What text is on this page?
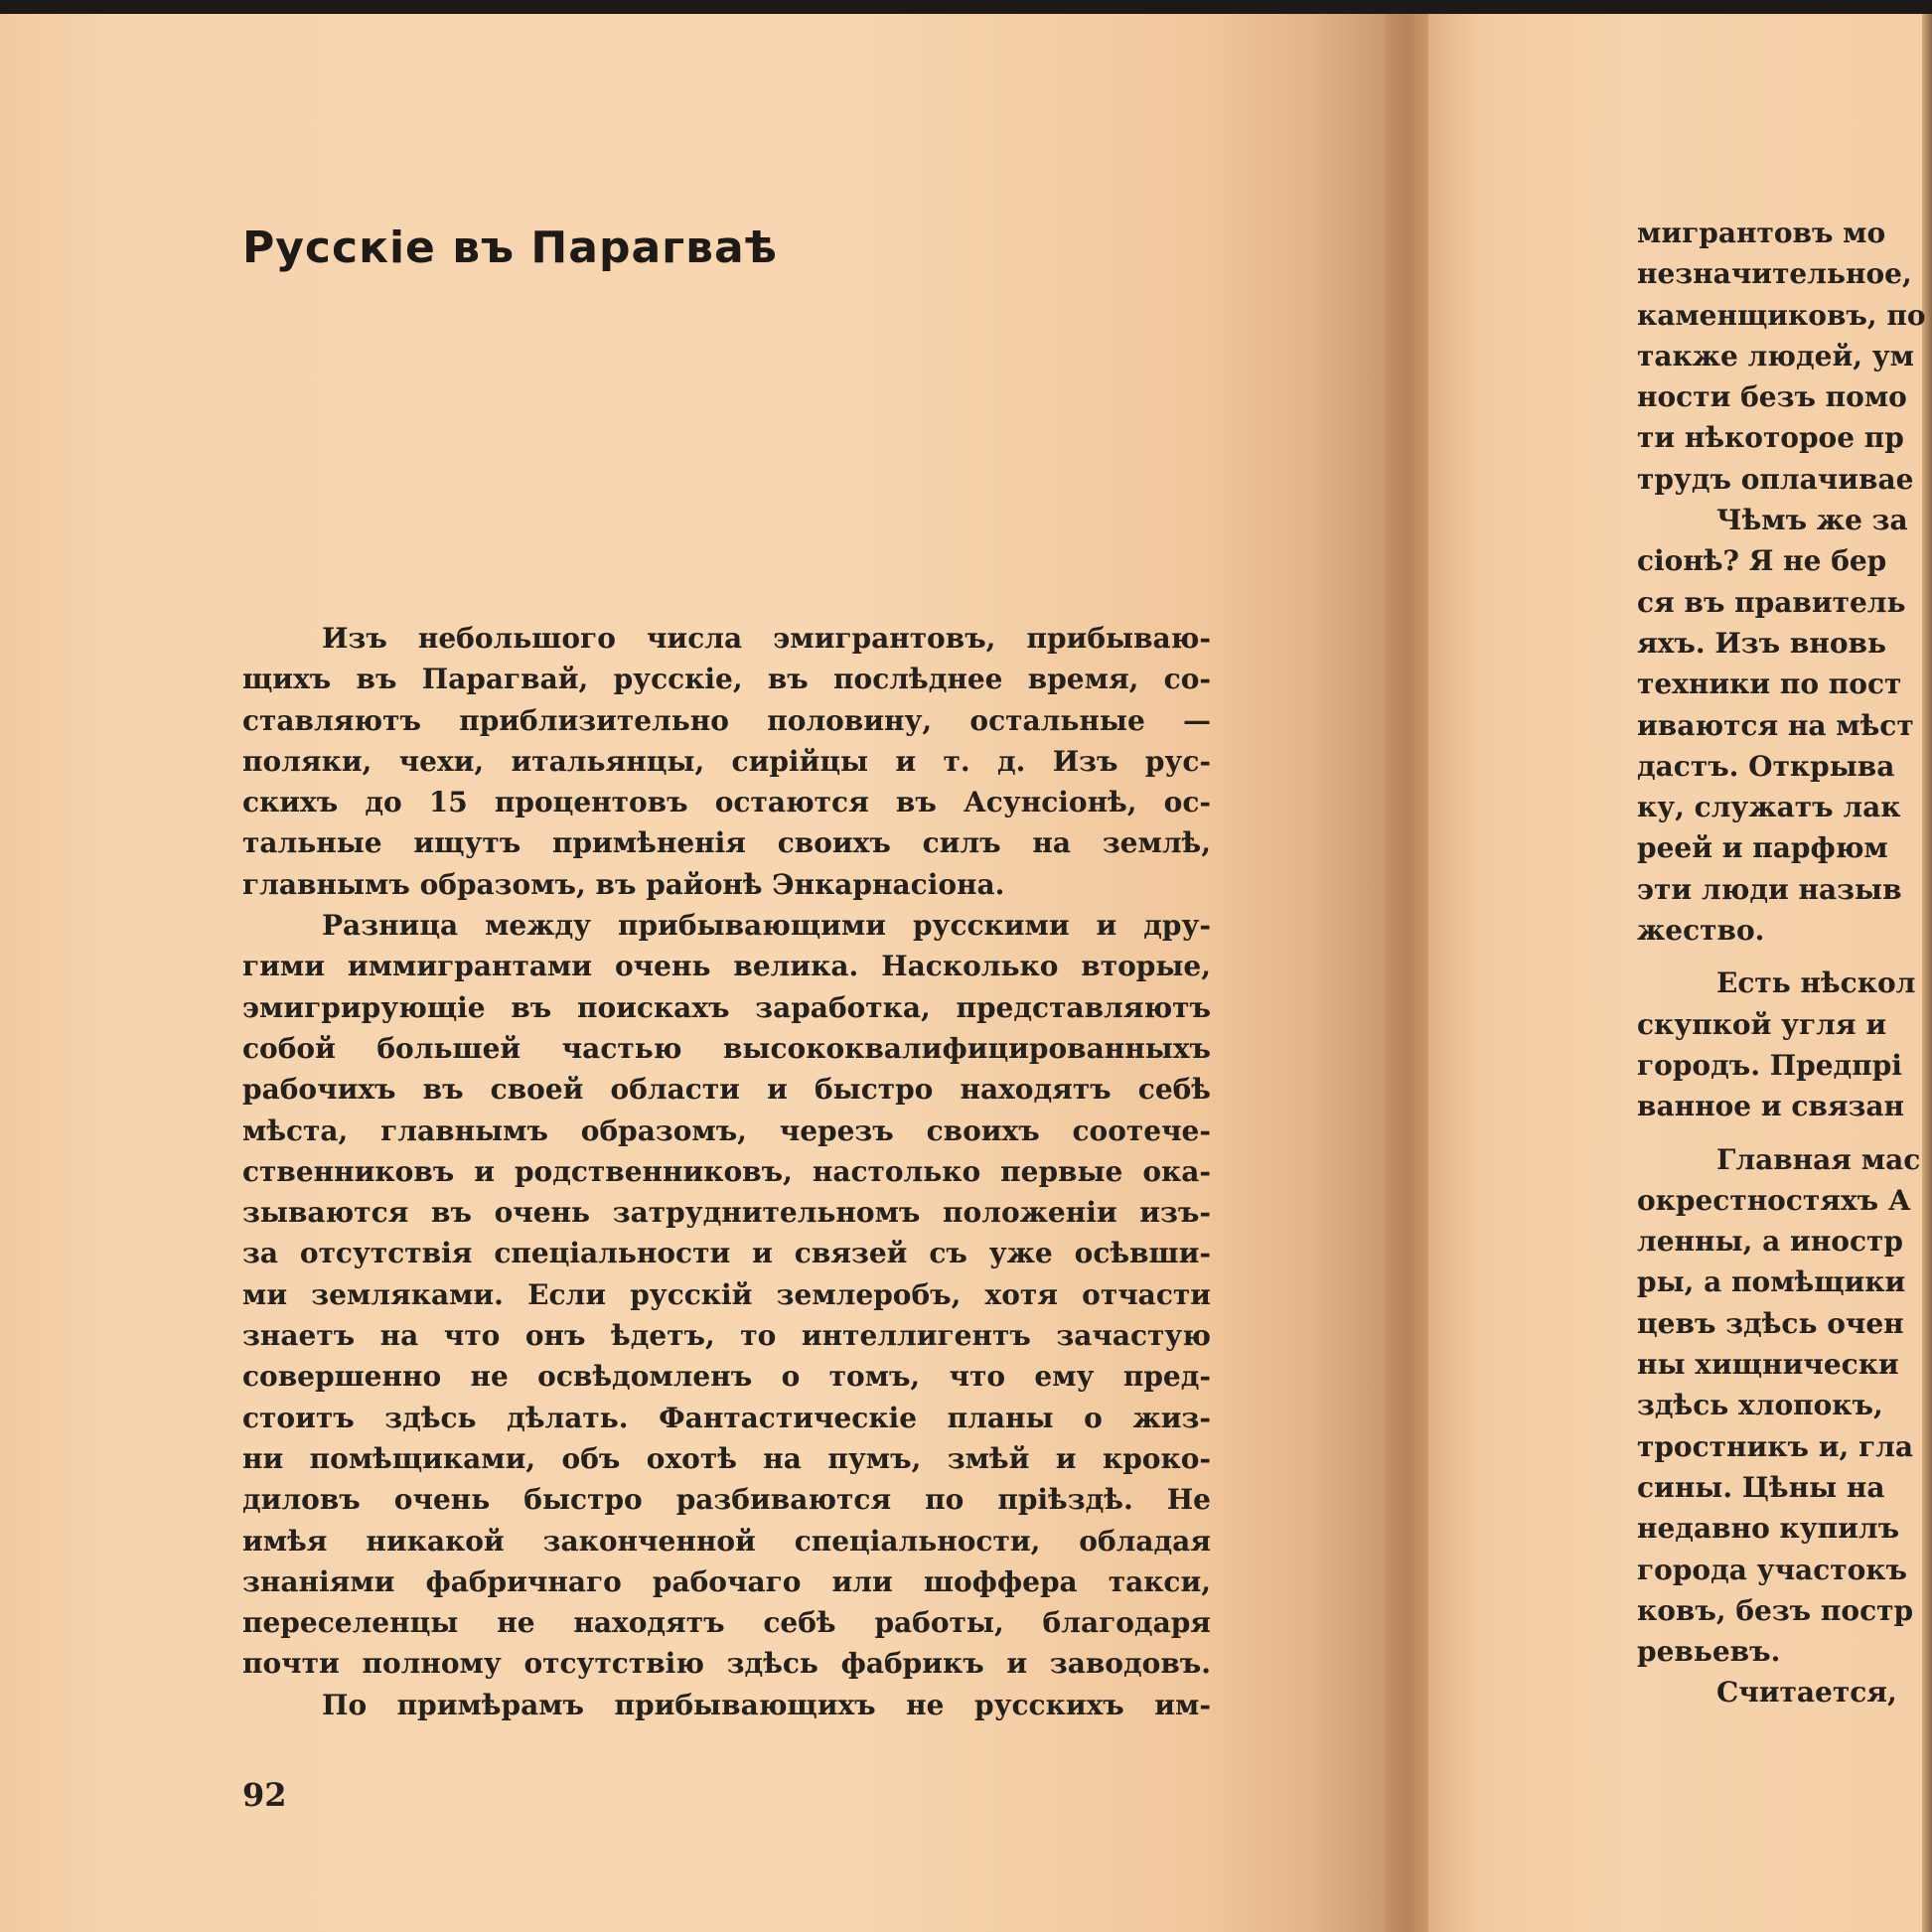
Русскiе въ Парагваѣ
Изъ небольшого числа эмигрантовъ, прибываю-
щихъ въ Парагвай, русскiе, въ послѣднее время, со-
ставляютъ приблизительно половину, остальные —
поляки, чехи, итальянцы, сирiйцы и т. д. Изъ рус-
скихъ до 15 процентовъ остаются въ Асунсiонѣ, ос-
тальные ищутъ примѣненiя своихъ силъ на землѣ,
главнымъ образомъ, въ районѣ Энкарнасiона.
Разница между прибывающими русскими и дру-
гими иммигрантами очень велика. Насколько вторые,
эмигрирующiе въ поискахъ заработка, представляютъ
собой большей частью высококвалифицированныхъ
рабочихъ въ своей области и быстро находятъ себѣ
мѣста, главнымъ образомъ, черезъ своихъ соотече-
ственниковъ и родственниковъ, настолько первые ока-
зываются въ очень затруднительномъ положенiи изъ-
за отсутствiя спецiальности и связей съ уже осѣвши-
ми земляками. Если русскiй землеробъ, хотя отчасти
знаетъ на что онъ ѣдетъ, то интеллигентъ зачастую
совершенно не освѣдомленъ о томъ, что ему пред-
стоитъ здѣсь дѣлать. Фантастическiе планы о жиз-
ни помѣщиками, объ охотѣ на пумъ, змѣй и кроко-
диловъ очень быстро разбиваются по прiѣздѣ. Не
имѣя никакой законченной спецiальности, обладая
знанiями фабричнаго рабочаго или шоффера такси,
переселенцы не находятъ себѣ работы, благодаря
почти полному отсутствiю здѣсь фабрикъ и заводовъ.
По примѣрамъ прибывающихъ не русскихъ им-
92
мигрантовъ мо
незначительное,
каменщиковъ, по
также людей, ум
ности безъ помо
ти нѣкоторое пр
трудъ оплачивае
Чѣмъ же за
сiонѣ? Я не бер
ся въ правитель
яхъ. Изъ вновь
техники по пост
иваются на мѣст
дастъ. Открыва
ку, служатъ лак
реей и парфюм
эти люди назыв
жество.
Есть нѣскол
скупкой угля и
городъ. Предпрi
ванное и связан
Главная мас
окрестностяхъ А
ленны, а иностр
ры, а помѣщики
цевъ здѣсь очен
ны хищнически
здѣсь хлопокъ,
тростникъ и, гла
сины. Цѣны на
недавно купилъ
города участокъ
ковъ, безъ постр
ревьевъ.
Считается,
